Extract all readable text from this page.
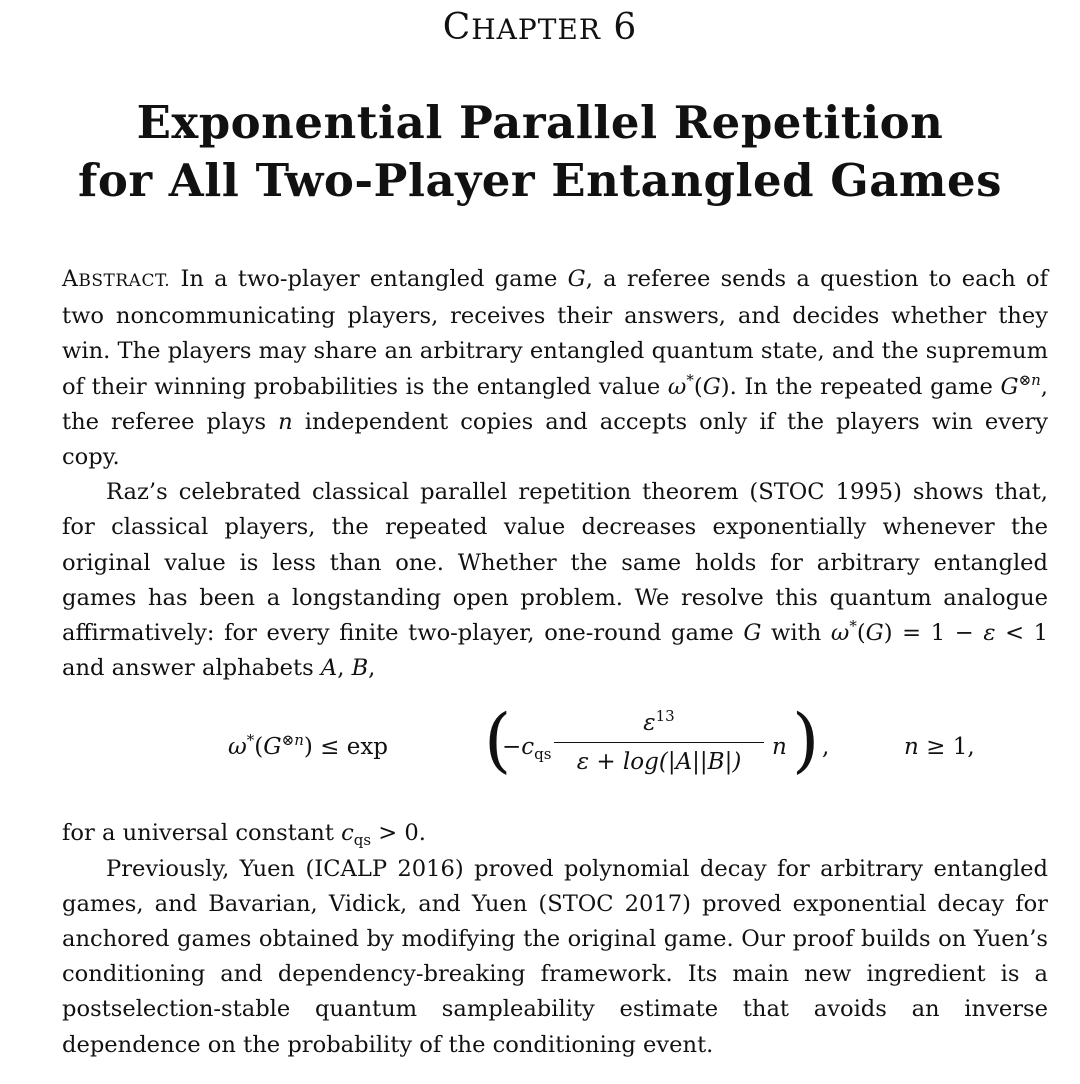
CHAPTER 6
Exponential Parallel Repetition
for All Two-Player Entangled Games

ABSTRACT. In a two-player entangled game G, a referee sends a question to each of two noncommunicating players, receives their answers, and decides whether they win. The players may share an arbitrary entangled quantum state, and the supremum of their winning probabilities is the entangled value ω*(G). In the repeated game $G^{\otimes n}$, the referee plays n independent copies and accepts only if the players win every copy.

Raz’s celebrated classical parallel repetition theorem (STOC 1995) shows that, for classical players, the repeated value decreases exponentially whenever the original value is less than one. Whether the same holds for arbitrary entangled games has been a longstanding open problem. We resolve this quantum analogue affirmatively: for every finite two-player, one-round game G with ω*(G) = 1 − ε < 1 and answer alphabets A, B,

$\omega^*(G^{\otimes n}) \le \exp$ (
$-c_{qs}$
$\varepsilon^{13}$
ε + log(|A||B|)
n ) ,	n ≥ 1,

for a universal constant $c_{qs} > 0$.

Previously, Yuen (ICALP 2016) proved polynomial decay for arbitrary entangled games, and Bavarian, Vidick, and Yuen (STOC 2017) proved exponential decay for anchored games obtained by modifying the original game. Our proof builds on Yuen’s conditioning and dependency-breaking framework. Its main new ingredient is a postselection-stable quantum sampleability estimate that avoids an inverse dependence on the probability of the conditioning event.
